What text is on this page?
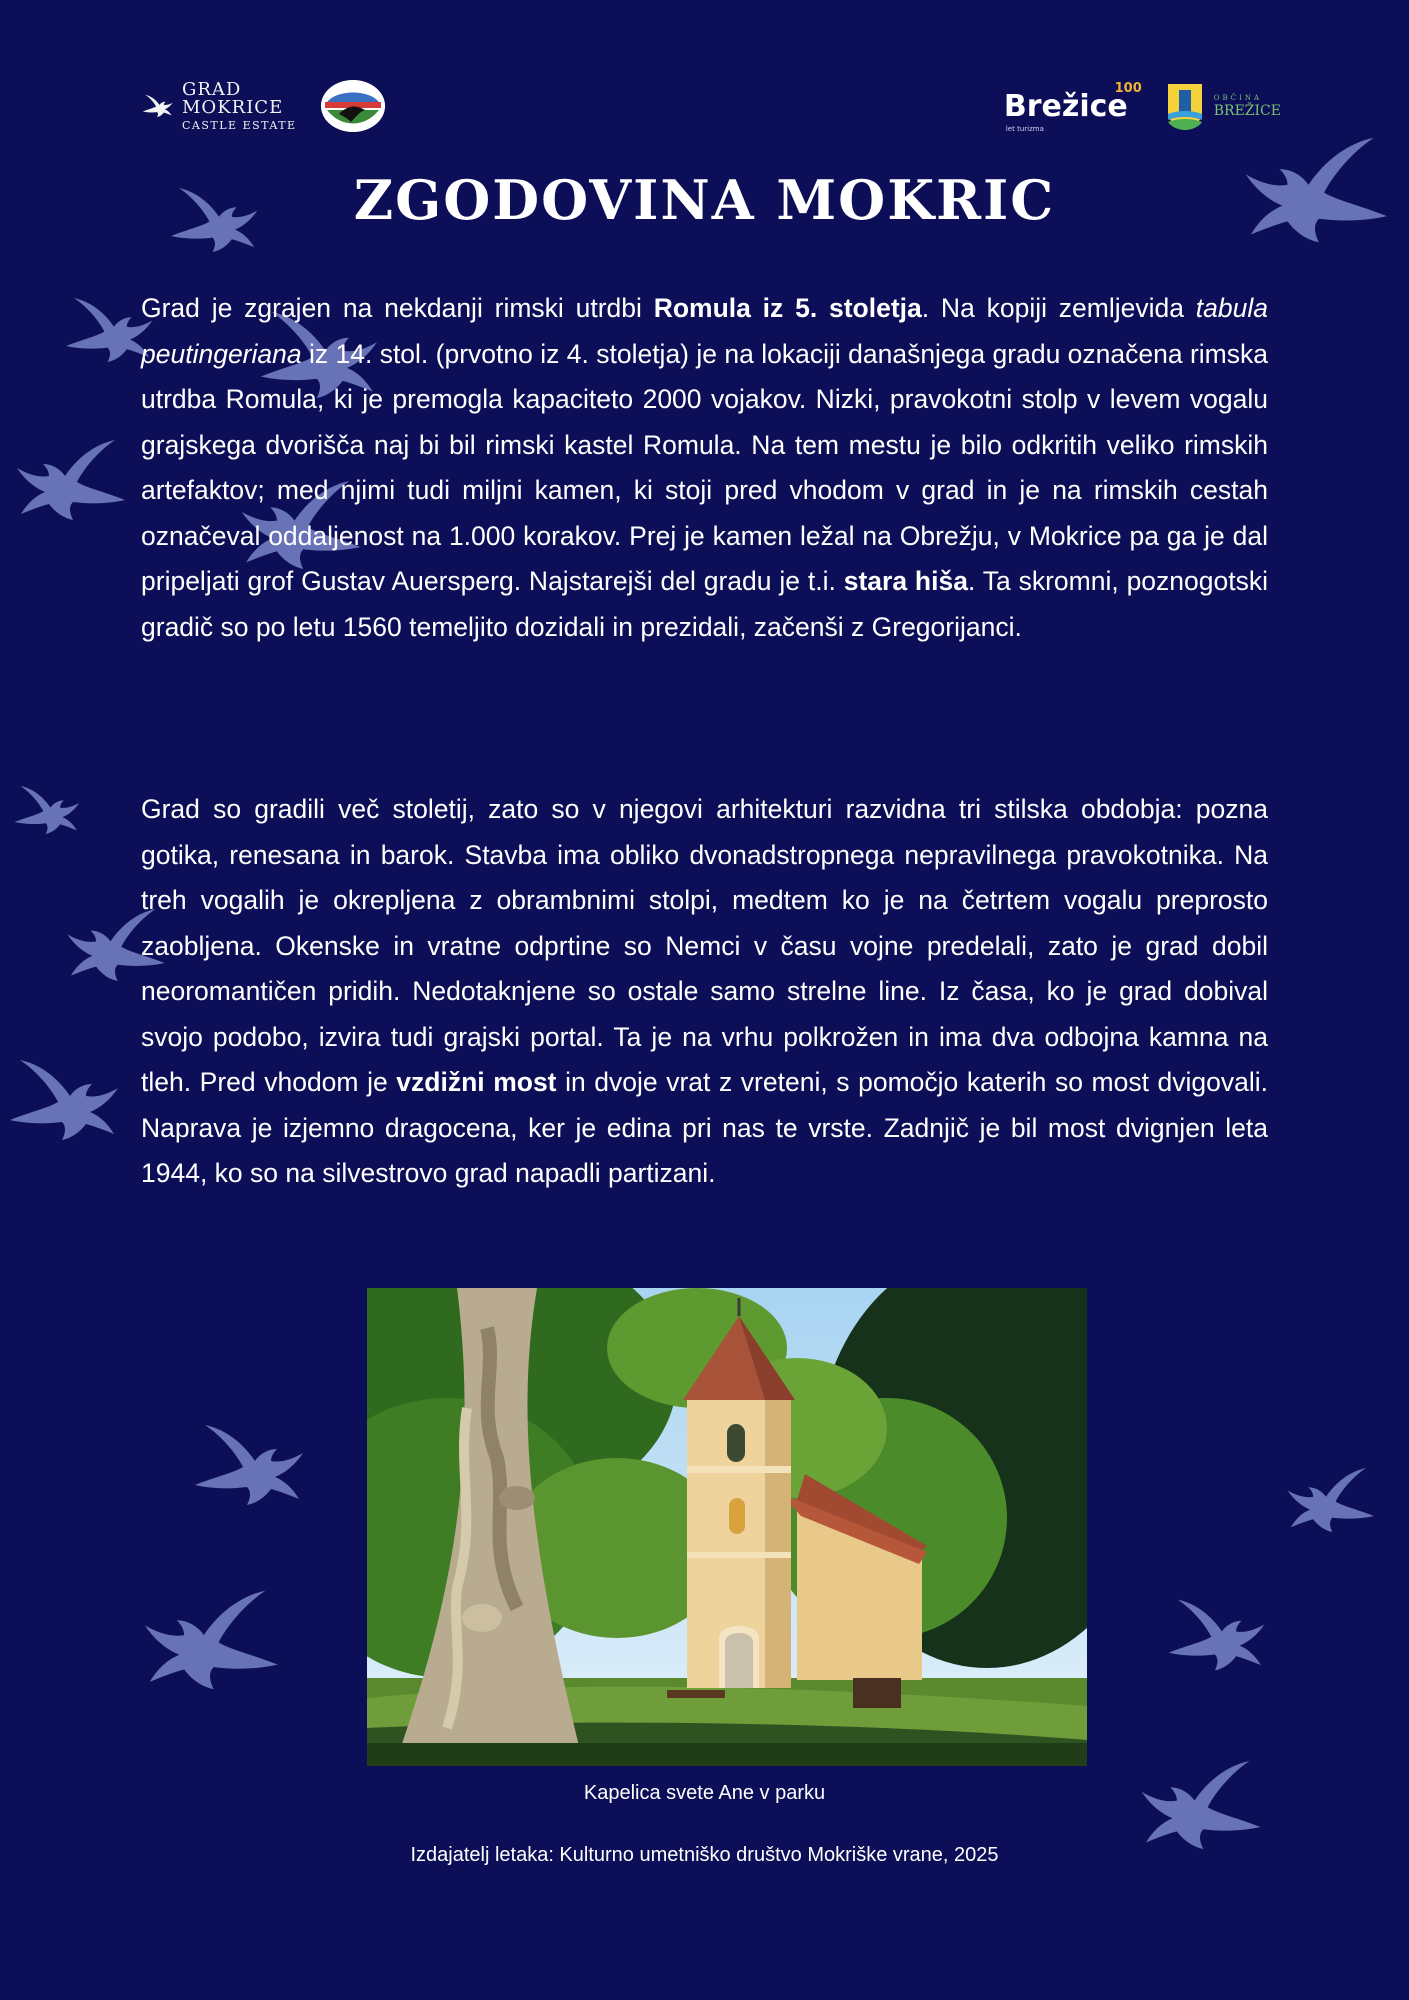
GRAD
MOKRICE
CASTLE ESTATE
Brežice
100
let turizma
OBČINA
BREŽICE
ZGODOVINA MOKRIC
Grad je zgrajen na nekdanji rimski utrdbi Romula iz 5. stoletja. Na kopiji zemljevida tabula peutingeriana iz 14. stol. (prvotno iz 4. stoletja) je na lokaciji današnjega gradu označena rimska utrdba Romula, ki je premogla kapaciteto 2000 vojakov. Nizki, pravokotni stolp v levem vogalu grajskega dvorišča naj bi bil rimski kastel Romula. Na tem mestu je bilo odkritih veliko rimskih artefaktov; med njimi tudi miljni kamen, ki stoji pred vhodom v grad in je na rimskih cestah označeval oddaljenost na 1.000 korakov. Prej je kamen ležal na Obrežju, v Mokrice pa ga je dal pripeljati grof Gustav Auersperg. Najstarejši del gradu je t.i. stara hiša. Ta skromni, poznogotski gradič so po letu 1560 temeljito dozidali in prezidali, začenši z Gregorijanci.
Grad so gradili več stoletij, zato so v njegovi arhitekturi razvidna tri stilska obdobja: pozna gotika, renesana in barok. Stavba ima obliko dvonadstropnega nepravilnega pravokotnika. Na treh vogalih je okrepljena z obrambnimi stolpi, medtem ko je na četrtem vogalu preprosto zaobljena. Okenske in vratne odprtine so Nemci v času vojne predelali, zato je grad dobil neoromantičen pridih. Nedotaknjene so ostale samo strelne line. Iz časa, ko je grad dobival svojo podobo, izvira tudi grajski portal. Ta je na vrhu polkrožen in ima dva odbojna kamna na tleh. Pred vhodom je vzdižni most in dvoje vrat z vreteni, s pomočjo katerih so most dvigovali. Naprava je izjemno dragocena, ker je edina pri nas te vrste. Zadnjič je bil most dvignjen leta 1944, ko so na silvestrovo grad napadli partizani.
Kapelica svete Ane v parku
Izdajatelj letaka: Kulturno umetniško društvo Mokriške vrane, 2025
